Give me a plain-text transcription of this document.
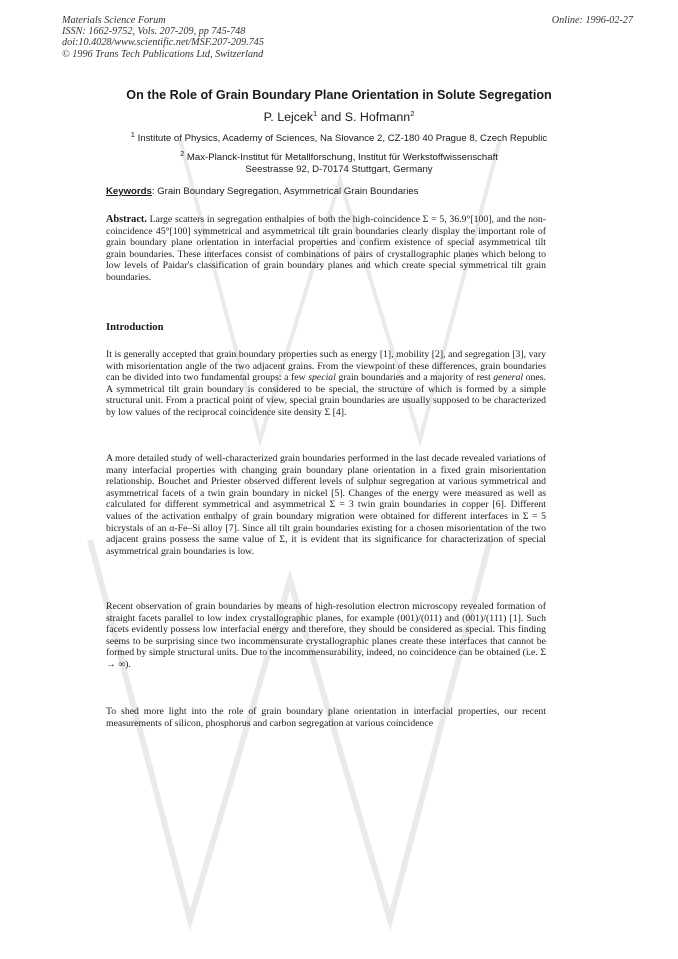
Materials Science Forum
ISSN: 1662-9752, Vols. 207-209, pp 745-748
doi:10.4028/www.scientific.net/MSF.207-209.745
© 1996 Trans Tech Publications Ltd, Switzerland
Online: 1996-02-27
On the Role of Grain Boundary Plane Orientation in Solute Segregation
P. Lejcek$^1$ and S. Hofmann$^2$
$^1$ Institute of Physics, Academy of Sciences, Na Slovance 2, CZ-180 40 Prague 8, Czech Republic
$^2$ Max-Planck-Institut für Metallforschung, Institut für Werkstoffwissenschaft
Seestrasse 92, D-70174 Stuttgart, Germany
Keywords: Grain Boundary Segregation, Asymmetrical Grain Boundaries

Abstract. Large scatters in segregation enthalpies of both the high-coincidence Σ = 5, 36.9°[100], and the non-coincidence 45°[100] symmetrical and asymmetrical tilt grain boundaries clearly display the important role of grain boundary plane orientation in interfacial properties and confirm existence of special asymmetrical tilt grain boundaries. These interfaces consist of combinations of pairs of crystallographic planes which belong to low levels of Paidar's classification of grain boundary planes and which create special symmetrical tilt grain boundaries.

Introduction

It is generally accepted that grain boundary properties such as energy [1], mobility [2], and segregation [3], vary with misorientation angle of the two adjacent grains. From the viewpoint of these differences, grain boundaries can be divided into two fundamental groups: a few special grain boundaries and a majority of rest general ones. A symmetrical tilt grain boundary is considered to be special, the structure of which is formed by a simple structural unit. From a practical point of view, special grain boundaries are usually supposed to be characterized by low values of the reciprocal coincidence site density Σ [4].

A more detailed study of well-characterized grain boundaries performed in the last decade revealed variations of many interfacial properties with changing grain boundary plane orientation in a fixed grain misorientation relationship. Bouchet and Priester observed different levels of sulphur segregation at various symmetrical and asymmetrical facets of a twin grain boundary in nickel [5]. Changes of the energy were measured as well as calculated for different symmetrical and asymmetrical Σ = 3 twin grain boundaries in copper [6]. Different values of the activation enthalpy of grain boundary migration were obtained for different interfaces in Σ = 5 bicrystals of an α-Fe–Si alloy [7]. Since all tilt grain boundaries existing for a chosen misorientation of the two adjacent grains possess the same value of Σ, it is evident that its significance for characterization of special asymmetrical grain boundaries is low.

Recent observation of grain boundaries by means of high-resolution electron microscopy revealed formation of straight facets parallel to low index crystallographic planes, for example (001)/(011) and (001)/(111) [1]. Such facets evidently possess low interfacial energy and therefore, they should be considered as special. This finding seems to be surprising since two incommensurate crystallographic planes create these interfaces that cannot be formed by simple structural units. Due to the incommensurability, indeed, no coincidence can be obtained (i.e. Σ → ∞).

To shed more light into the role of grain boundary plane orientation in interfacial properties, our recent measurements of silicon, phosphorus and carbon segregation at various coincidence
